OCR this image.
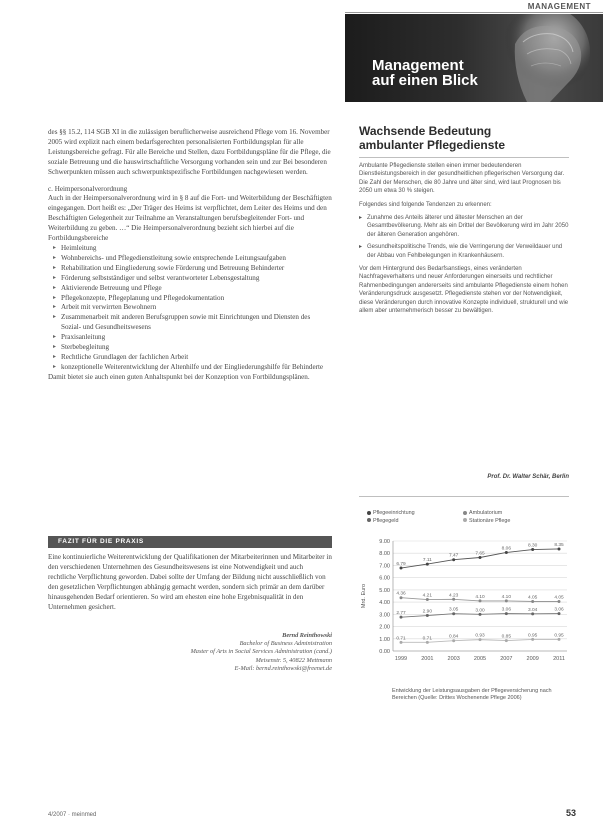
MANAGEMENT
Management
auf einen Blick

des §§ 15.2, 114 SGB XI in die zulässigen beruflicherweise ausreichend Pflege vom 16. November 2005 wird explizit nach einem bedarfsgerechten personalisierten Fortbildungsplan für alle Leistungsbereiche gefragt. Für alle Bereiche und Stellen, dazu Fortbildungspläne für die Pflege, die soziale Betreuung und die hauswirtschaftliche Versorgung vorhanden sein und zur Bei besonderen Schwerpunkten müssen auch schwerpunktspezifische Fortbildungen nachgewiesen werden.

c. Heimpersonalverordnung

Auch in der Heimpersonalverordnung wird in § 8 auf die Fort- und Weiterbildung der Beschäftigten eingegangen. Dort heißt es: „Der Träger des Heims ist verpflichtet, dem Leiter des Heims und den Beschäftigten Gelegenheit zur Teilnahme an Veranstaltungen berufsbegleitender Fort- und Weiterbildung zu geben. …“ Die Heimpersonalverordnung bezieht sich hierbei auf die Fortbildungsbereiche

▸ Heimleitung
▸ Wohnbereichs- und Pflegedienstleitung sowie entsprechende Leitungsaufgaben
▸ Rehabilitation und Eingliederung sowie Förderung und Betreuung Behinderter
▸ Förderung selbstständiger und selbst verantworteter Lebensgestaltung
▸ Aktivierende Betreuung und Pflege
▸ Pflegekonzepte, Pflegeplanung und Pflegedokumentation
▸ Arbeit mit verwirrten Bewohnern
▸ Zusammenarbeit mit anderen Berufsgruppen sowie mit Einrichtungen und Diensten des Sozial- und Gesundheitswesens
▸ Praxisanleitung
▸ Sterbebegleitung
▸ Rechtliche Grundlagen der fachlichen Arbeit
▸ konzeptionelle Weiterentwicklung der Altenhilfe und der Eingliederungshilfe für Behinderte

Damit bietet sie auch einen guten Anhaltspunkt bei der Konzeption von Fortbildungsplänen.

FAZIT FÜR DIE PRAXIS
Eine kontinuierliche Weiterentwicklung der Qualifikationen der Mitarbeiterinnen und Mitarbeiter in den verschiedenen Unternehmen des Gesundheitswesens ist eine Notwendigkeit und auch rechtliche Verpflichtung geworden. Dabei sollte der Umfang der Bildung nicht ausschließlich von den gesetzlichen Verpflichtungen abhängig gemacht werden, sondern sich primär an dem darüber hinausgehenden Bedarf orientieren. So wird am ehesten eine hohe Ergebnisqualität in den Unternehmen gesichert.
Bernd Reinthowski
Bachelor of Business Administration
Master of Arts in Social Services Administration (cand.)
Meisenstr. 5, 40822 Mettmann
E-Mail: bernd.reinthowski@freenet.de
Wachsende Bedeutung
ambulanter Pflegedienste

Ambulante Pflegedienste stellen einen immer bedeutenderen Dienstleistungsbereich in der gesundheitlichen pflegerischen Versorgung dar. Die Zahl der Menschen, die 80 Jahre und älter sind, wird laut Prognosen bis 2050 um etwa 30 % steigen.

Folgendes sind folgende Tendenzen zu erkennen:

▸ Zunahme des Anteils älterer und ältester Menschen an der Gesamtbevölkerung. Mehr als ein Drittel der Bevölkerung wird im Jahr 2050 der älteren Generation angehören.
▸ Gesundheitspolitische Trends, wie die Verringerung der Verweildauer und der Abbau von Fehlbelegungen in Krankenhäusern.

Vor dem Hintergrund des Bedarfsanstiegs, eines veränderten Nachfrageverhaltens und neuer Anforderungen einerseits und rechtlicher Rahmenbedingungen andererseits sind ambulante Pflegedienste einem hohen Veränderungsdruck ausgesetzt. Pflegedienste stehen vor der Notwendigkeit, diese Veränderungen durch innovative Konzepte individuell, strukturell und wie allem aber unternehmerisch besser zu bewältigen.

Prof. Dr. Walter Schär, Berlin
Pflegeeinrichtung	Ambulatorium
Pflegegeld	Stationäre Pflege
9.00
8.00
7.00
6.00
5.00
4.00
3.00
2.00
1.00
0.00
Mrd. Euro
1999	2001	2003	2005	2007	2009	2011
6.79
7.11
7.47	7.65
8.06
8.30	8.35
4.36	4.21	4.23	4.10	4.10	4.05	4.05
2.77	2.90	3.05	3.00	3.06	3.04	3.06
0.71	0.71	0.84	0.93	0.85	0.95	0.95
Entwicklung der Leistungsausgaben der Pflegeversicherung nach Bereichen (Quelle: Drittes Wochenende Pflege 2006)
4/2007 · meinmed	53
